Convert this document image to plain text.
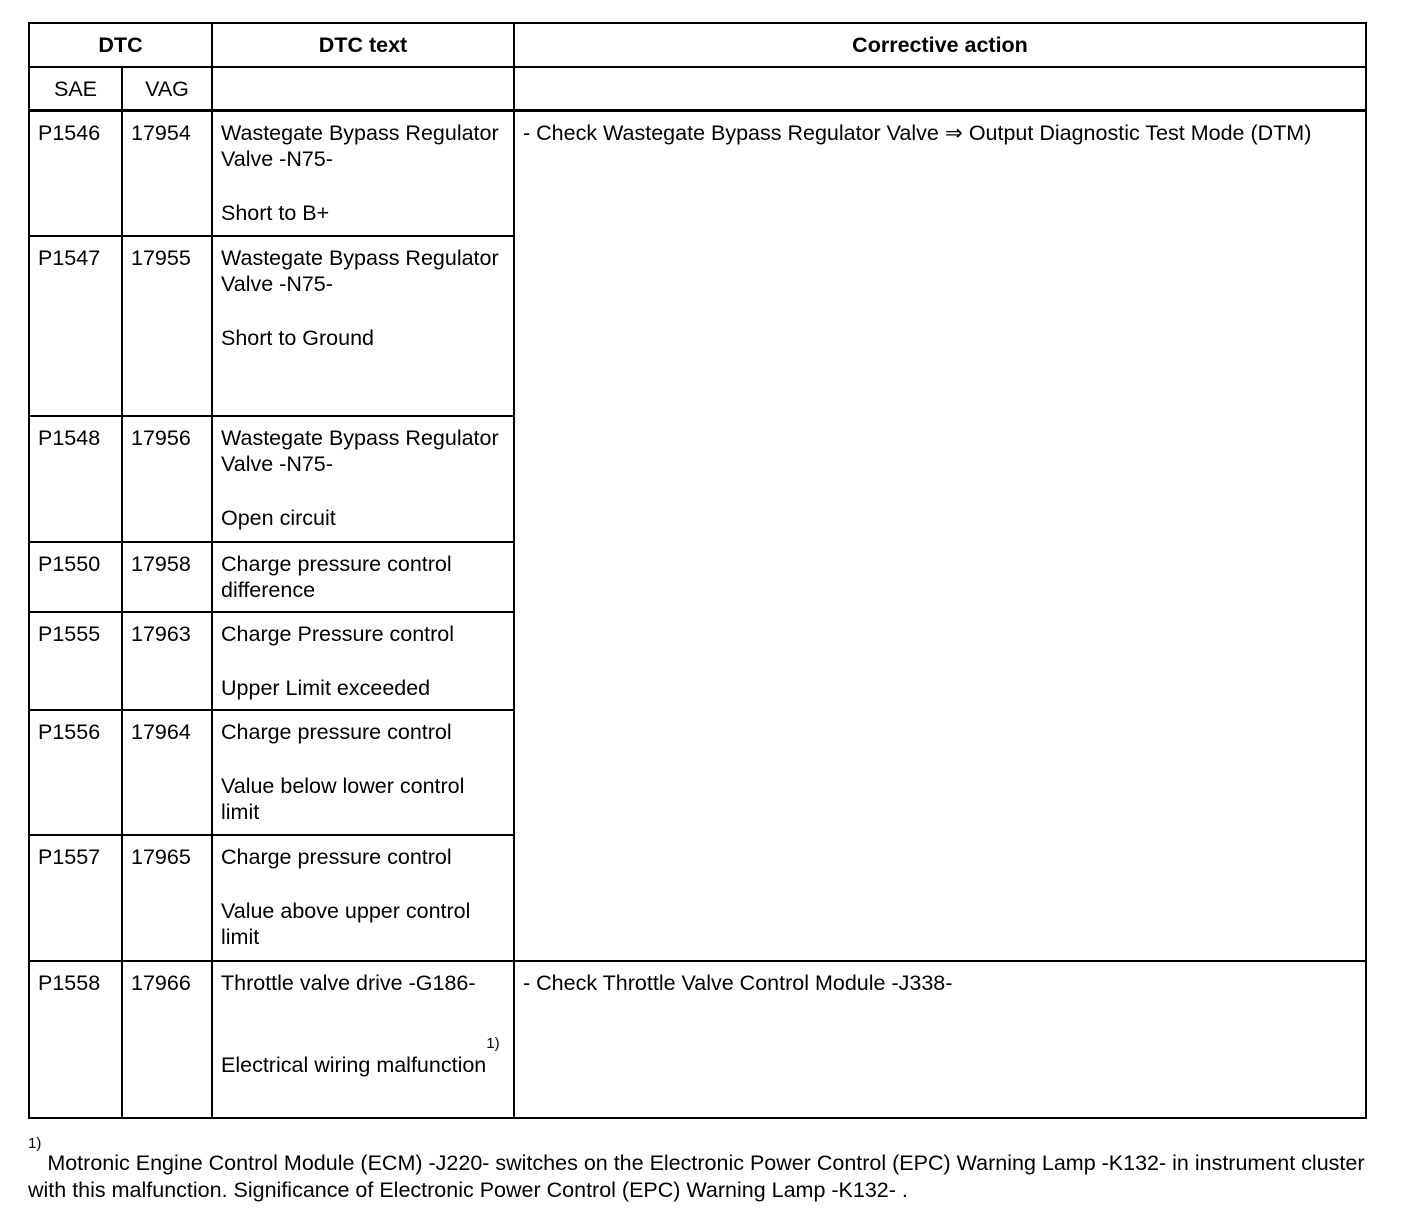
DTC		DTC text	Corrective action
SAE	VAG		
P1546	17954	Wastegate Bypass Regulator Valve -N75-
Short to B+	- Check Wastegate Bypass Regulator Valve ⇒ Output Diagnostic Test Mode (DTM)

P1547	17955	Wastegate Bypass Regulator Valve -N75-
Short to Ground	

P1548	17956	Wastegate Bypass Regulator Valve -N75-
Open circuit	

P1550	17958	Charge pressure control difference	

P1555	17963	Charge Pressure control
Upper Limit exceeded	

P1556	17964	Charge pressure control
Value below lower control limit	

P1557	17965	Charge pressure control
Value above upper control limit	

P1558	17966	Throttle valve drive -G186-
Electrical wiring malfunction$^{1)}$	- Check Throttle Valve Control Module -J338-
$^{1)}$ Motronic Engine Control Module (ECM) -J220- switches on the Electronic Power Control (EPC) Warning Lamp -K132- in instrument cluster with this malfunction. Significance of Electronic Power Control (EPC) Warning Lamp -K132- .
